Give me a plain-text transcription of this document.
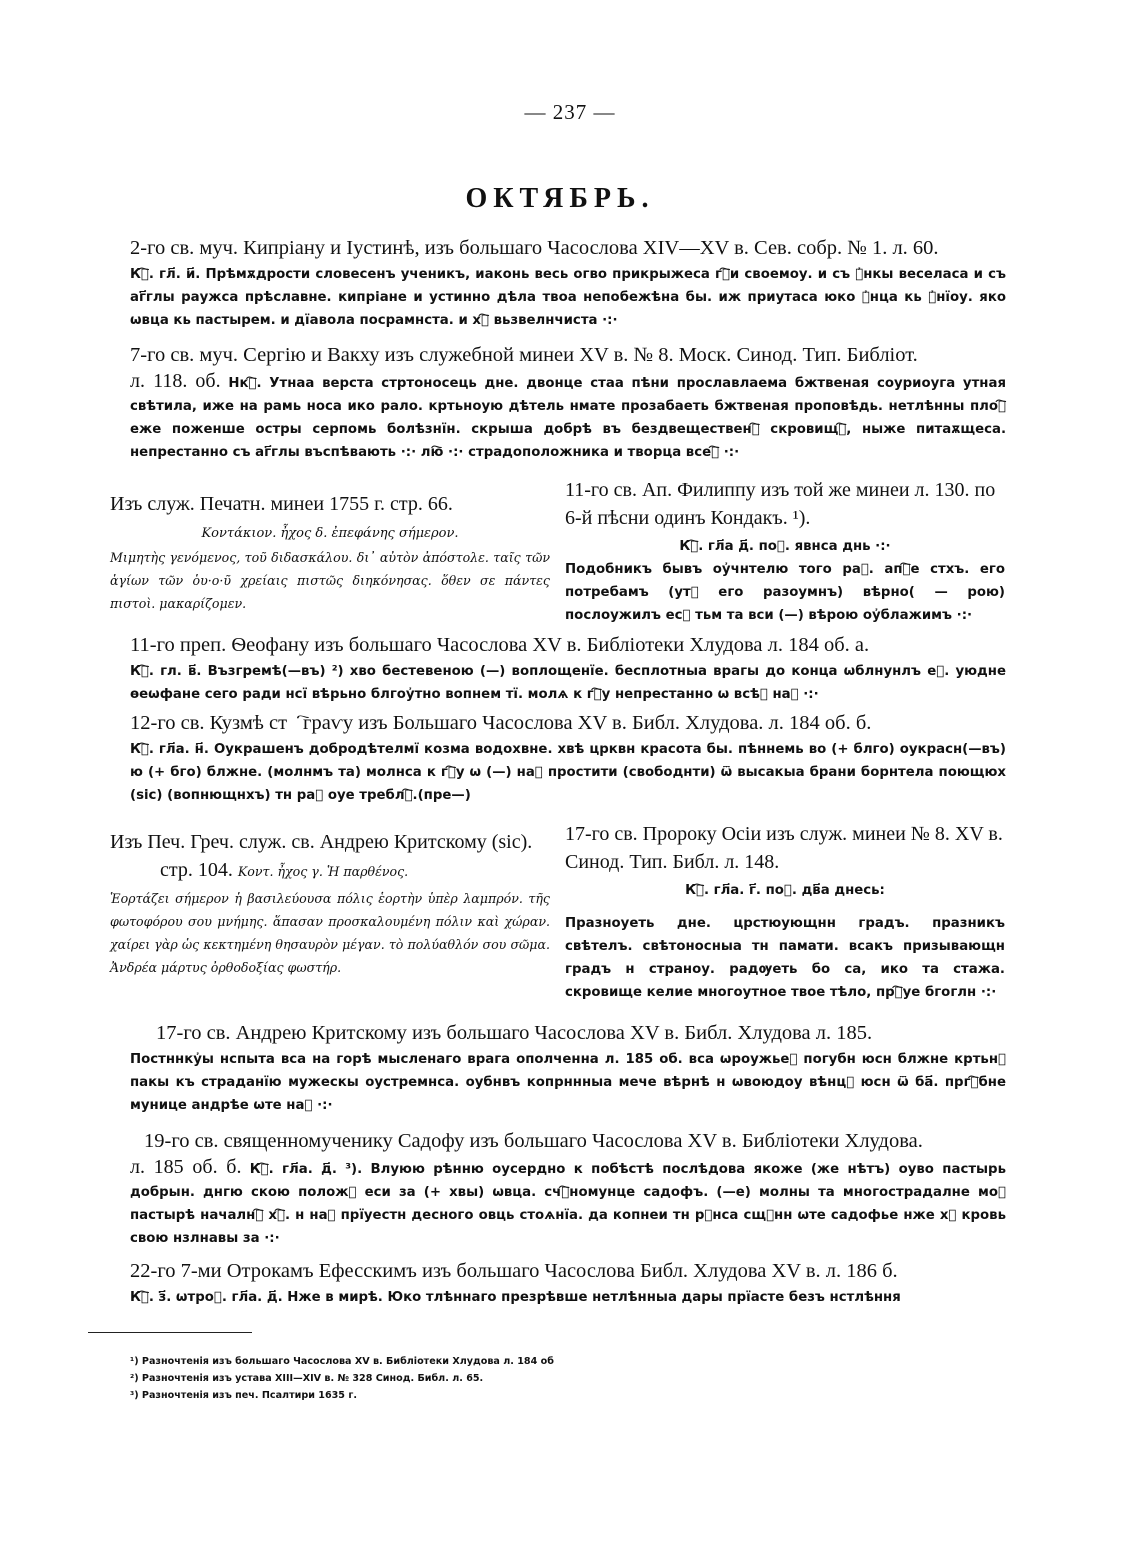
— 237 —
ОКТЯБРЬ.
2-го св. муч. Кипріану и Іустинѣ, изъ большаго Часослова XIV—XV в. Сев. собр. № 1. л. 60.
Кⷪ҇. гл҃. и҃. Прѣмѫдрости словесенъ ученикъ, иаконь весь огво прикрыжеса гⷭ҇и своемоу. и съ ꙋ҆нкы веселаса и съ аг҃глы раужса прѣславне. кипріане и устинно дѣла твоа непобежѣна бы. иж приутаса юко ꙋ҆нца кь ꙋ҆нїоу. яко ѡвца кь пастырем. и дїавола посрамнста. и хⷭ҇ вьзвелнчиста ·:·
7-го св. муч. Сергію и Вакху изъ служебной минеи XV в. № 8. Моск. Синод. Тип. Библіот.
л. 118. об. Нкⷪ҇. Утнаа верста стртоносець дне. двонце стаа пѣни прославлаема бжтвеная соуриоуга утная свѣтила, иже на рамь носа ико рало. кртьноую дѣтель нмате прозабаеть бжтвеная проповѣдь. нетлѣнны плоⷣ҇ еже поженше остры серпомь болѣзнїн. скрыша добрѣ въ бездвещественⷨ҇ скровищⷯ҇, ныже питаѫщеса. непрестанно съ аг҃глы въспѣвають ·:· лю҇ ·:· страдоположника и творца всеⷯ҇ ·:·
Изъ служ. Печатн. минеи 1755 г. стр. 66.
Κοντάκιον. ἦχος δ. ἐπεφάνης σήμερον.
Μιμητὴς γενόμενος, τοῦ διδασκάλου. δι᾽ αὐτὸν ἀπόστολε. ταῖς τῶν ἁγίων τῶν ὁυ·ο·ῦ χρείαις πιστῶς διηκόνησας. ὅθεν σε πάντες πιστοὶ. μακαρίζομεν.
11-го св. Ап. Филиппу изъ той же минеи л. 130. по 6-й пѣсни одинъ Кондакъ. ¹).
Кⷪ҇. гл҃а д҃. поⷣ. явнса днь ·:·
Подобникъ бывъ оу҆чнтелю того раⷣ. апⷧ҇е стхъ. его потребамъ (утⷷ его разоумнъ) вѣрно( — рою) послоужилъ есⷱ тьм та вси (—) вѣрою оу҆блажимъ ·:·
11-го преп. Ѳеофану изъ большаго Часослова XV в. Библіотеки Хлудова л. 184 об. а.
Кⷪ҇. гл. в҃. Възгремѣ(—въ) ²) хво бестевеною (—) воплощенїе. бесплотныа врагы до конца ѡблнунлъ еⷭ. уюдне ѳеѡфане сего ради нсї вѣрьно блгоу҆тно вопнем тї. молѧ к гⷭ҇у непрестанно ѡ всѣⷯ наⷭ ·:·
12-го св. Кузмѣ стⷪ҇граѵу изъ Большаго Часослова XV в. Библ. Хлудова. л. 184 об. б.
Кⷪ҇. гл҃а. н҃. Оукрашенъ добродѣтелмї козма водохвне. хвѣ црквн красота бы. пѣннемь во (+ блго) оукрасн(—въ) ю (+ бго) блжне. (молнмъ та) молнса к гⷭ҇у ѡ (—) наⷭ простити (свободнти) ѿ высакыа брани борнтела поющюх (sic) (вопнющнхъ) тн раⷣ оуе треблⷤ҇.(пре—)
Изъ Печ. Греч. служ. св. Андрею Критскому (sic).
стр. 104. Κοντ. ἦχος γ. Ἡ παρθένος.
Ἑορτάζει σήμερον ἡ βασιλεύουσα πόλις ἑορτὴν ὑπὲρ λαμπρόν. τῆς φωτοφόρου σου μνήμης. ἅπασαν προσκαλουμένη πόλιν καὶ χώραν. χαίρει γὰρ ὡς κεκτημένη θησαυρὸν μέγαν. τὸ πολύαθλόν σου σῶμα. Ἀνδρέα μάρτυς ὀρθοδοξίας φωστήρ.
17-го св. Пророку Осіи изъ служ. минеи № 8. XV в. Синод. Тип. Библ. л. 148.
Кⷪ҇. гл҃а. г҃. поⷣ. дв҃а днесь:
Празноуеть дне. црстюующнн градъ. празникъ свѣтелъ. свѣтоносныа тн памати. всакъ призывающн градъ н страноу. радѹеть бо са, ико та стажа. скровище келие многоутное твое тѣло, прⷭ҇уе бгоглн ·:·
17-го св. Андрею Критскому изъ большаго Часослова XV в. Библ. Хлудова л. 185.
Постннку҆ы нспыта вса на горѣ мысленаго врага ополченна л. 185 об. вса ѡроужьеⷷ погубн юсн блжне кртьнⷪ пакы къ страданїю мужескы оустремнса. оубнвъ копрннныа мече вѣрнѣ н ѡвоюдоу вѣнцⷶ юсн ѿ ба҃. пргⷷ҇бне мунице андрѣе ѡте наⷭ ·:·
19-го св. священномученику Садофу изъ большаго Часослова XV в. Библіотеки Хлудова.
л. 185 об. б. Кⷪ҇. гл҃а. д҃. ³). Влуюю рѣнню оусердно к побѣстѣ послѣдова якоже (же нѣтъ) оуво пастырь добрын. днгю скою положⷤ еси за (+ хвы) ѡвца. счⷭ҇номунце садофъ. (—е) молны та многострадалне моⷭ пастырѣ началнⷨ҇ хⷭ҇. н наⷭ прїуестн десного овць стоѧнїа. да копнеи тн рⷶнса сщⷷнн ѡте садофье нже хⷭ кровь свою нзлнавы за ·:·
22-го 7-ми Отрокамъ Ефесскимъ изъ большаго Часослова Библ. Хлудова XV в. л. 186 б.
Кⷪ҇. з҃. ѡтроⷦ. гл҃а. д҃. Нже в мирѣ. Юко тлѣннаго презрѣвше нетлѣнныа дары прїасте безъ нстлѣння
¹) Разночтенія изъ большаго Часослова XV в. Библіотеки Хлудова л. 184 об
²) Разночтенія изъ устава XIII—XIV в. № 328 Синод. Библ. л. 65.
³) Разночтенія изъ печ. Псалтири 1635 г.
